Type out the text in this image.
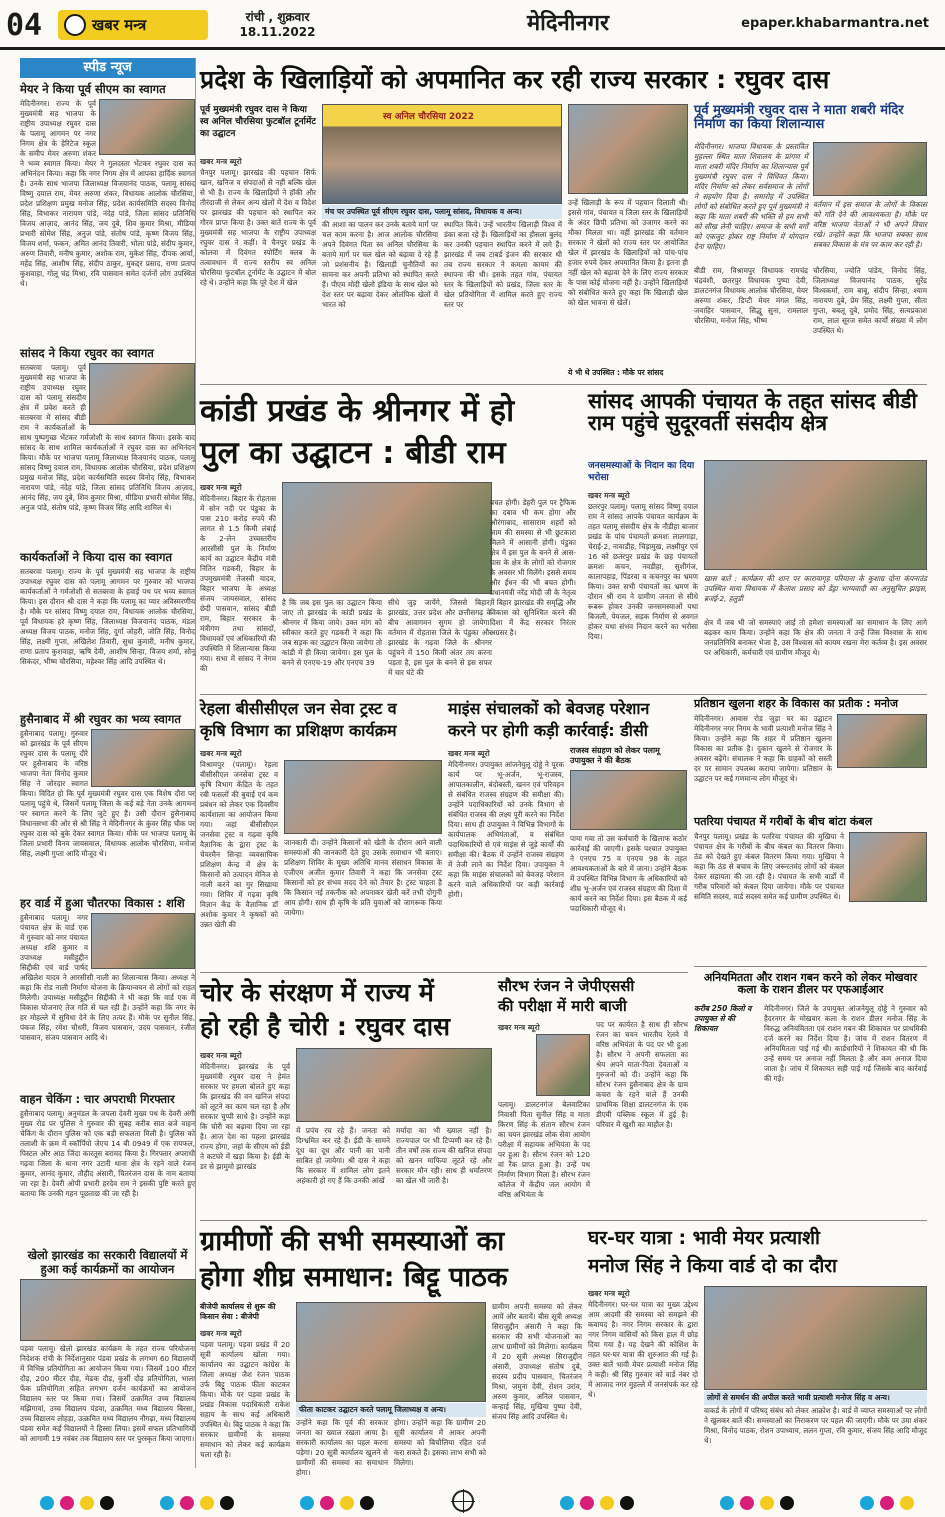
04	खबर मन्त्र	रांची , शुक्रवार
18.11.2022	मेदिनीनगर	epaper.khabarmantra.net
स्पीड न्यूज
मेयर ने किया पूर्व सीएम का स्वागत
मेदिनीनगर। राज्य के पूर्व मुख्यमंत्री सह भाजपा के राष्ट्रीय उपाध्यक्ष रघुवर दास के पलामू आगमन पर नगर निगम क्षेत्र के हेरिटेज स्कूल के समीप मेयर अरुणा शंकर ने भव्य स्वागत किया। मेयर ने गुलदस्ता भेंटकर रघुवर दास का अभिनंदन किया। कहा कि नगर निगम क्षेत्र में आपका हार्दिक स्वागत है। उनके साथ भाजपा जिलाध्यक्ष विजयानंद पाठक, पलामू सांसद विष्णु दयाल राम, मेयर अरुणा शंकर, विधायक आलोक चौरसिया, प्रदेश प्रशिक्षण प्रमुख मनोज सिंह, प्रदेश कार्यसमिति सदस्य विनोद सिंह, विभाकर नारायण पांडे, नंदेह पांडे, जिला सांसद प्रतिनिधि विजय आज़ाद, आनंद सिंह, जय दुबे, शिव कुमार मिश्रा, मीडिया प्रभारी सोमेश सिंह, अनुज पांडे, संतोष पांडे, कृष्ण विजय सिंह, विजय शर्मा, फकन, अमित आनंद तिवारी, भोला पांडे, संदीप कुमार, अरुण तिवारी, मनीष कुमार, अशोक राम, मुकेश सिंह, दीपक आर्या, महेंद्र सिंह, आशीष सिंह, संदीप ठाकुर, मुकद्दर प्रसाद, राणा प्रताप कुशवाहा, गोलू चंद्र मिश्रा, रवि पासवान समेत दर्जनों लोग उपस्थित थे।
सांसद ने किया रघुवर का स्वागत
सतबरवा पलामू। पूर्व मुख्यमंत्री सह भाजपा के राष्ट्रीय उपाध्यक्ष रघुवर दास को पलामू संसदीय क्षेत्र में प्रवेश करते ही सतबरवा में सांसद बीडी राम ने कार्यकर्ताओं के साथ पुष्पगुच्छ भेंटकर गर्मजोशी के साथ स्वागत किया। इसके बाद सांसद के साथ शामिल कार्यकर्ताओं ने रघुवर दास का अभिनंदन किया। मौके पर भाजपा पलामू जिलाध्यक्ष विजयानंद पाठक, पलामू सांसद विष्णु दयाल राम, विधायक आलोक चौरसिया, प्रदेश प्रशिक्षण प्रमुख मनोज सिंह, प्रदेश कार्यसमिति सदस्य विनोद सिंह, विभाकर नारायण पांडे, नंदेह पांडे, जिला सांसद प्रतिनिधि विजय आज़ाद, आनंद सिंह, जय दुबे, शिव कुमार मिश्रा, मीडिया प्रभारी सोमेश सिंह, अनुज पांडे, संतोष पांडे, कृष्ण विजय सिंह आदि शामिल थे।
कार्यकर्ताओं ने किया दास का स्वागत
सतबरवा पलामू। राज्य के पूर्व मुख्यमंत्री सह भाजपा के राष्ट्रीय उपाध्यक्ष रघुवर दास को पलामू आगमन पर गुरुवार को भाजपा कार्यकर्ताओं ने गर्मजोशी से सतबरवा के हवाई पथ पर भव्य स्वागत किया। इस दौरान श्री दास ने कहा कि पलामू का प्यार अविस्मरणीय है। मौके पर सांसद विष्णु दयाल राम, विधायक आलोक चौरसिया, पूर्व विधायक हरे कृष्ण सिंह, जिलाध्यक्ष विजयानंद पाठक, मंडल अध्यक्ष विजय पाठक, मनोज सिंह, दुर्गा जोहरी, जोति सिंह, विनोद सिंह, लक्ष्मी गुप्ता, अखिलेश तिवारी, सुधा कुमारी, मनीष कुमार, राणा प्रताप कुशवाहा, ऋषि देवी, आशीष सिन्हा, विजय शर्मा, सोनू सिकंदर, भीष्म चौरसिया, महेश्वर सिंह आदि उपस्थित थे।
हुसैनाबाद में श्री रघुवर का भव्य स्वागत
हुसैनाबाद पलामू। गुरुवार को झारखंड के पूर्व सीएम रघुवर दास के पलामू दौरे पर हुसैनाबाद के वरिष्ठ भाजपा नेता विनोद कुमार सिंह ने जोरदार स्वागत किया। विदित हो कि पूर्व मुख्यमंत्री रघुवर दास एक विशेष दौरा पर पलामू पहुंचे थे, जिसमें पलामू जिला के कई बड़े नेता उनके आगमन पर स्वागत करने के लिए जुटे हुए हैं। उसी दौरान हुसैनाबाद विधानसभा की ओर से श्री सिंह ने मेदिनीनगर के कुंवर सिंह चौक पर रघुवर दास को बुके देकर स्वागत किया। मौके पर भाजपा पलामू के जिला प्रभारी विनय जायसवाल, विधायक आलोक चौरसिया, मनोज सिंह, लक्ष्मी गुप्ता आदि मौजूद थे।
हर वार्ड में हुआ चौतरफा विकास : शशि
हुसैनाबाद पलामू। नगर पंचायत क्षेत्र के वार्ड एक में गुरुवार को नगर पंचायत अध्यक्ष शशि कुमार व उपाध्यक्ष मसीहुद्दीन सिद्दीकी एवं वार्ड पार्षद अखिलेश यादव ने आरसीसी नाली का शिलान्यास किया। अध्यक्ष ने कहा कि रोड नाली निर्माण योजना के क्रियान्वयन से लोगों को राहत मिलेगी। उपाध्यक्ष मसीहुद्दीन सिद्दीकी ने भी कहा कि वार्ड एक में विकास योजनाएं तेज गति से चल रही हैं। उन्होंने कहा कि नगर के हर मोहल्ले में सुविधा देने के लिए तत्पर हैं। मौके पर सुनील सिंह, पंकज सिंह, रमेश चौधरी, विजय पासवान, उदय पासवान, रंजीत पासवान, संजय पासवान आदि थे।
वाहन चेकिंग : चार अपराधी गिरफ्तार
हुसैनाबाद पलामू। अनुमंडल के जपला देवरी मुख्य पथ के देवरी अंगी मुख्य रोड पर पुलिस ने गुरुवार की सुबह करीब सात बजे वाहन चेकिंग के दौरान पुलिस को एक बड़ी सफलता मिली है। पुलिस को तलाशी के क्रम में स्कॉर्पियो जेएच 14 बी 0949 में एक रायफल, पिस्टल और आठ जिंदा कारतूस बरामद किया है। गिरफ्तार अपराधी गढ़वा जिला के थाना नगर उटारी थाना क्षेत्र के रहने वाले रंजन कुमार, आनंद कुमार, तौहीद अंसारी, चितरंजन दास के नाम बताया जा रहा है। देवरी ओपी प्रभारी हरदेव राम ने इसकी पुष्टि करते हुए बताया कि उनकी गहन पूछताछ की जा रही है।
खेलो झारखंड का सरकारी विद्यालयों में हुआ कई कार्यक्रमों का आयोजन
पड़वा पलामू। खेलो झारखंड कार्यक्रम के तहत राज्य परियोजना निदेशक रांची के निर्देशानुसार पंडवा प्रखंड के लगभग 60 विद्यालयों में विभिन्न प्रतियोगिता का आयोजन किया गया। जिसमें 100 मीटर दौड़, 200 मीटर दौड़, मेढक दौड़, कुर्सी दौड़ प्रतियोगिता, भाला फेंक प्रतियोगिता सहित लगभग दर्जन कार्यक्रमों का आयोजन विद्यालय स्तर पर किया गया। जिसमें उत्क्रमित उच्च विद्यालय मझिगावां, उच्च विद्यालय पंडवा, उत्क्रमित मध्य विद्यालय बिरसा, उच्च विद्यालय लोहड़ा, उत्क्रमित मध्य विद्यालय नौगढ़ा, मध्य विद्यालय पंडवा समेत कई विद्यालयों ने हिस्सा लिया। इसमें सफल प्रतिभागियों को आगामी 19 नवंबर तक विद्यालय स्तर पर पुरस्कृत किया जाएगा।
प्रदेश के खिलाड़ियों को अपमानित कर रही राज्य सरकार : रघुवर दास
पूर्व मुख्यमंत्री रघुवर दास ने किया स्व अनिल चौरसिया फुटबॉल टूर्नामेंट का उद्घाटन
खबर मन्त्र ब्यूरो
चैनपुर पलामू। झारखंड की पहचान सिर्फ खान, खनिज व संपदाओं से नहीं बल्कि खेल से भी है। राज्य के खिलाड़ियों ने हॉकी और तीरंदाजी से लेकर अन्य खेलों में देश व विदेश पर झारखंड की पहचान को स्थापित कर गौरव प्राप्त किया है। उक्त बातें राज्य के पूर्व मुख्यमंत्री सह भाजपा के राष्ट्रीय उपाध्यक्ष रघुवर दास ने कहीं। वे चैनपुर प्रखंड के कोलवा में दिवंगत स्पोर्टिंग क्लब के तत्वावधान में राज्य स्तरीय स्व अनिल चौरसिया फुटबॉल टूर्नामेंट के उद्घाटन में बोल रहे थे। उन्होंने कहा कि पूरे देश में खेल
स्व अनिल चौरसिया 2022
मंच पर उपस्थित पूर्व सीएम रघुवर दास, पलामू सांसद, विधायक व अन्य।
की आशा का पालन कर उनके बताये मार्ग पर चल काम करना है। आज आलोक चौरसिया अपने दिवंगत पिता स्व अनिल चौरसिया के बताये मार्ग पर चल खेल को बढ़ावा दे रहे हैं जो प्रशंसनीय है। खिलाड़ी चुनौतियों का सामना कर अपनी प्रतिभा को स्थापित करते हैं। पीएम मोदी खेलो इंडिया के साथ खेल को देश स्तर पर बढ़ावा देकर ओलंपिक खेलों में भारत को
स्थापित किये। उन्हें भारतीय खिलाड़ी विश्व में डंका बजा रहे हैं। खिलाड़ियों का हौसला बुलंद कर उनकी पहचान स्थापित करने में लगे हैं। झारखंड में जब टाबर्ड इंजन की सरकार थी तब राज्य सरकार ने कमला कायम की स्थापना की थी। इसके तहत गांव, पंचायत स्तर के खिलाड़ियों को प्रखंड, जिला स्तर के खेल प्रतियोगिता में शामिल करते हुए राज्य स्तर पर
उन्हें खिलाड़ी के रूप में पहचान दिलाती थी। इससे गांव, पंचायत व जिला स्तर के खिलाड़ियों के अंदर छिपी प्रतिभा को उजागर करने का मौका मिलता था। वहीं झारखंड की वर्तमान सरकार ने खेलों को राज्य स्तर पर आयोजित खेल में झारखंड के खिलाड़ियों को पांच-पांच हजार रुपये देकर अपमानित किया है। इतना ही नहीं खेल को बढ़ावा देने के लिए राज्य सरकार के पास कोई योजना नहीं है। उन्होंने खिलाड़ियों को संबोधित करते हुए कहा कि खिलाड़ी खेल को खेल भावना से खेलें।
ये भी थे उपस्थित : मौके पर सांसद
पूर्व मुख्यमंत्री रघुवर दास ने माता शबरी मंदिर निर्माण का किया शिलान्यास
मेदिनीनगर। भाजपा विधायक के प्रस्तावित मुहल्ला स्थित माता शिवालय के प्रांगण में माता शबरी मंदिर निर्माण का शिलान्यास पूर्व मुख्यमंत्री रघुवर दास ने विधिवत किया। मंदिर निर्माण को लेकर सर्वसमाज के लोगों ने सहयोग दिया है। समारोह में उपस्थित लोगों को संबोधित करते हुए पूर्व मुख्यमंत्री ने कहा कि माता शबरी की भक्ति से हम सभी को सीख लेनी चाहिए। समाज के सभी वर्गों को एकजुट होकर राष्ट्र निर्माण में योगदान देना चाहिए।
वर्तमान में इस समाज के लोगों के विकास को गति देने की आवश्यकता है। मौके पर वरिष्ठ भाजपा नेताओं ने भी अपने विचार रखे। उन्होंने कहा कि भाजपा सबका साथ सबका विकास के मंत्र पर काम कर रही है।
बीडी राम, विश्रामपुर विधायक रामचंद्र चंद्रवंशी, छतरपुर विधायक पुष्पा देवी, डालटनगंज विधायक आलोक चौरसिया, मेयर अरुणा शंकर, डिप्टी मेयर मंगल सिंह, जवाहिर पासवान, सिद्धू सुना, रामलाल चौरसिया, मनोज सिंह, भीष्म
चौरसिया, ज्योति पांडेय, विनोद सिंह, जिलाध्यक्ष विजयानंद पाठक, सुरेंद्र विश्वकर्मा, राम बाबू, संदीप सिन्हा, श्याम नारायण दुबे, प्रेम सिंह, लक्ष्मी गुप्ता, सीता गुप्ता, बबलू दुबे, प्रमोद सिंह, सत्यप्रकाश राम, लाल सूरज समेत कार्यों संख्या में लोग उपस्थित थे।
कांडी प्रखंड के श्रीनगर में हो
पुल का उद्घाटन : बीडी राम
खबर मन्त्र ब्यूरो
मेदिनीनगर। बिहार के रोहतास में सोन नदी पर पंडुका के पास 210 करोड़ रुपये की लागत से 1.5 किमी लंबाई के 2-लेन उच्चस्तरीय आरसीसी पुल के निर्माण कार्य का उद्घाटन केंद्रीय मंत्री नितिन गडकरी, बिहार के उपमुख्यमंत्री तेजस्वी यादव, बिहार भाजपा के अध्यक्ष संजय जायसवाल, सांसद छेदी पासवान, सांसद बीडी राम, बिहार सरकार के मंत्रीगण तथा सांसदों, विधायकों एवं अधिकारियों की उपस्थिति में शिलान्यास किया गया। सभा में सांसद ने नेगम की
है कि जब इस पुल का उद्घाटन किया जाए तो झारखंड के कांडी प्रखंड के श्रीनगर में किया जाये। उक्त मांग को स्वीकार करते हुए गडकरी ने कहा कि जब सड़क का उद्घाटन किया जायेगा तो कांडी में ही किया जायेगा। इस पुल के बनने से एनएच-19 और एनएच 39
सीधे जुड़ जायेंगे, जिससे बिहार, झारखंड, उत्तर प्रदेश और छत्तीसगढ़ के बीच आवागमन सुगम हो जायेगा। वर्तमान में रोहतास जिले के पंडुका और झारखंड के गढ़वा जिले के श्रीनगर पहुंचने में 150 किमी अंतर तय करना पड़ता है, इस पुल के बनने से इस सफर में चार घंटे की
बचत होगी। डेहरी पुल पर ट्रैफिक का दबाव भी कम होगा और औरंगाबाद, सासाराम शहरों को जाम की समस्या से भी छुटकारा मिलने में आसानी होगी। पंडुका क्षेत्र में इस पुल के बनने से आस-पास के क्षेत्र के लोगों को रोजगार के अवसर भी मिलेंगे। इससे समय और ईंधन की भी बचत होगी। प्रधानमंत्री नरेंद्र मोदी जी के नेतृत्व में बिहार झारखंड की समृद्धि और विकास को सुनिश्चित करने की दिशा में केंद्र सरकार निरंतर अग्रसर है।
सांसद आपकी पंचायत के तहत सांसद बीडी राम पहुंचे सुदूरवर्ती संसदीय क्षेत्र
जनसमस्याओं के निदान का दिया भरोसा
खबर मन्त्र ब्यूरो
छतरपुर पलामू। पलामू सांसद विष्णु दयाल राम ने सांसद आपके पंचायत कार्यक्रम के तहत पलामू संसदीय क्षेत्र के नौडीहा बाजार प्रखंड के पांच पंचायतों क्रमशः लालगाड़ा, चेराई-2, नावाडीह, चिड़ामुख, लक्ष्मीपुर एवं 16 को छतरपुर प्रखंड के छह पंचायतों क्रमशः कचन, नवडीहा, सुशीगंज, कालापहाड़, पिंडरवा व कचनपुर का भ्रमण किया। उक्त सभी पंचायतों का भ्रमण के दौरान श्री राम ने ग्रामीण जनता से सीधे रूबरू होकर उनकी जनसमस्याओं यथा बिजली, पेयजल, सड़क निर्माण से अवगत होकर यथा संभव निदान करने का भरोसा दिया।
खास बातें : कार्यक्रम की शान पर कारायागृह परियाना के कुशाग्र दोना कंपनाउंड उपस्थित माया विधायक में कैलाश प्रसाद को डेंड्रा भाग्यवादी का अनुसूचित झाइस, ब्रजई-2, हलुडी
क्षेत्र में जब भी जो समस्याएं आई तो हमेशा समस्याओं का समाधान के लिए आगे बढ़कर काम किया। उन्होंने कहा कि क्षेत्र की जनता ने उन्हें जिस विश्वास के साथ जनप्रतिनिधि बनाकर भेजा है, उस विश्वास को कायम रखना मेरा कर्तव्य है। इस अवसर पर अधिकारी, कर्मचारी एवं ग्रामीण मौजूद थे।
रेहला बीसीसीएल जन सेवा ट्रस्ट व
कृषि विभाग का प्रशिक्षण कार्यक्रम
खबर मन्त्र ब्यूरो
विश्रामपुर (पलामू)। रेहला बीसीसीएल जनसेवा ट्रस्ट व कृषि विभाग केंद्रित के तहत रबी फसलों की बुवाई एवं कम प्रबंधन को लेकर एक दिवसीय कार्यशाला का आयोजन किया गया। जहां बीसीसीएल जनसेवा ट्रस्ट व गढ़वा कृषि वैज्ञानिक के द्वारा ट्रस्ट के चेयरमैन सिन्हा व्यवसायिक प्रशिक्षण केन्द्र में क्षेत्र के किसानों को उत्पादन मेनिज से नाली करने का गुर सिखाया गया। शिविर में गढ़वा कृषि विज्ञान केंद्र के वैज्ञानिक डॉ अशोक कुमार ने कृषकों को उन्नत खेती की
जानकारी दी। उन्होंने किसानों को खेती के दौरान आने वाली समस्याओं की जानकारी देते हुए उसके समाधान भी बताए। प्रशिक्षण शिविर के मुख्य अतिथि मानव संसाधन विकास के एजीएम अजीत कुमार तिवारी ने कहा कि जनसेवा ट्रस्ट किसानों को हर संभव मदद देने को तैयार है। ट्रस्ट चाहता है कि किसान नई तकनीक को अपनाकर खेती करें तभी दोगुनी आय होगी। साथ ही कृषि के प्रति युवाओं को जागरूक किया जायेगा।
माइंस संचालकों को बेवजह परेशान
करने पर होगी कड़ी कार्रवाई: डीसी
खबर मन्त्र ब्यूरो
मेदिनीनगर। उपायुक्त आंजनेयुलू दोड्डे ने पूरक कार्य पर भू-अर्जन, भू-राजस्व, आपातकालीन, बंदोबस्ती, खनन एवं परिवहन से संबंधित राजस्व संग्रहण की समीक्षा की। उन्होंने पदाधिकारियों को उनके विभाग से संबंधित राजस्व की लक्ष्य पूरी करने का निर्देश दिया। साथ ही उपायुक्त ने विभिन्न विभागों के कार्यपालक अभियंताओं, व संबंधित पदाधिकारियों से एवं माइंस से जुड़े कार्यों की समीक्षा की। बैठक में उन्होंने राजस्व संग्रहण में तेजी लाने का निर्देश दिया। उपायुक्त ने कहा कि माइंस संचालकों को बेवजह परेशान करने वाले अधिकारियों पर कड़ी कार्रवाई होगी।
राजस्व संग्रहण को लेकर पलामू उपायुक्त ने की बैठक
पाया गया तो उस कर्मचारी के खिलाफ कठोर कार्रवाई की जाएगी। इसके पश्चात उपायुक्त ने एनएच 75 व एनएच 98 के तहत आवश्यकताओं के बारे में जाना। उन्होंने बैठक में उपस्थित विभिन्न विभाग के अधिकारियों को शीघ्र भू-अर्जन एवं राजस्व संग्रहण की दिशा में कार्य करने का निर्देश दिया। इस बैठक में कई पदाधिकारी मौजूद थे।
प्रतिष्ठान खुलना शहर के विकास का प्रतीक : मनोज
मेदिनीनगर। आवास रोड जुड़ा घर का उद्घाटन मेदिनीनगर नगर निगम के भावी प्रत्याशी मनोज सिंह ने किया। उन्होंने कहा कि शहर में प्रतिष्ठान खुलना विकास का प्रतीक है। दुकान खुलने से रोजगार के अवसर बढ़ेंगे। संचालक ने कहा कि ग्राहकों को सस्ती दर पर सामान उपलब्ध कराया जायेगा। प्रतिष्ठान के उद्घाटन पर कई गणमान्य लोग मौजूद थे।
पतरिया पंचायत में गरीबों के बीच बांटा कंबल
चैनपुर पलामू। प्रखंड के पतरिया पंचायत की मुखिया ने पंचायत क्षेत्र के गरीबों के बीच कंबल का वितरण किया। ठंड को देखते हुए कंबल वितरण किया गया। मुखिया ने कहा कि ठंड से बचाव के लिए जरूरतमंद लोगों को कंबल देकर सहायता की जा रही है। पंचायत के सभी वार्डों में गरीब परिवारों को कंबल दिया जायेगा। मौके पर पंचायत समिति सदस्य, वार्ड सदस्य समेत कई ग्रामीण उपस्थित थे।
अनियमितता और राशन गबन करने को लेकर मोखवार कला के राशन डीलर पर एफआईआर
करीब 250 किलो व उपायुक्त से की शिकायत
मेदिनीनगर। जिले के उपायुक्त आंजनेयुलू दोड्डे ने गुरुवार को हैदरनगर के मोखवार कला के राशन डीलर मनोज सिंह के विरुद्ध अनियमितता एवं राशन गबन की शिकायत पर प्राथमिकी दर्ज करने का निर्देश दिया है। जांच में राशन वितरण में अनियमितता पाई गई थी। कार्डधारियों ने शिकायत की थी कि उन्हें समय पर अनाज नहीं मिलता है और कम अनाज दिया जाता है। जांच में शिकायत सही पाई गई जिसके बाद कार्रवाई की गई।
चोर के संरक्षण में राज्य में
हो रही है चोरी : रघुवर दास
खबर मन्त्र ब्यूरो
मेदिनीनगर। झारखंड के पूर्व मुख्यमंत्री रघुवर दास ने हेमंत सरकार पर हमला बोलते हुए कहा कि झारखंड की वन खनिज संपदा को लूटने का काम चल रहा है और सरकार चुप्पी साधे है। उन्होंने कहा कि चोरी का बढ़ावा दिया जा रहा है। आज देश का पहला झारखंड राज्य होगा, जहां के सीएम को ईडी ने कटघरे में खड़ा किया है। ईडी के डर से झामुमो झारखंड
में प्रपंच रच रहे हैं। जनता को दिग्भ्रमित कर रहे हैं। ईडी के सामने दूध का दूध और पानी का पानी साबित हो जायेगा। श्री दास ने कहा कि सरकार में शामिल लोग इतने अहंकारी हो गए हैं कि उनकी आंखें
मर्यादा का भी ख्याल नहीं है। राज्यपाल पर भी टिप्पणी कर रहे हैं। तीन वर्षों तक राज्य की खनिज संपदा को खनन माफिया लूटते रहे और सरकार मौन रही। साथ ही धर्मांतरण का खेल भी जारी है।
सौरभ रंजन ने जेपीएससी
की परीक्षा में मारी बाजी
खबर मन्त्र ब्यूरो
पलामू। डालटनगंज बेलवाटिका निवासी पिता सुनील सिंह व माता किरण सिंह के संतान सौरभ रंजन का चयन झारखंड लोक सेवा आयोग परीक्षा में सहायक अभियंता के पद पर हुआ है। सौरभ रंजन को 120 वां रैंक प्राप्त हुआ है। उन्हें पथ निर्माण विभाग मिला है। सौरभ रंजन कॉलेज में केंद्रीय जल आयोग में वरिष्ठ अभियंता के
पद पर कार्यरत है साथ ही सौरभ रंजन का चयन भारतीय रेलवे में वरिष्ठ अभियंता के पद पर भी हुआ है। सौरभ ने अपनी सफलता का श्रेय अपने माता-पिता देवताओं व गुरुजनों को दी। उन्होंने कहा कि सौरभ रंजन हुसैनाबाद क्षेत्र के ग्राम कचरा के रहने वाले हैं उनकी प्राथमिक शिक्षा डालटनगंज के एक डीएवी पब्लिक स्कूल में हुई है। परिवार में खुशी का माहौल है।
ग्रामीणों की सभी समस्याओं का
होगा शीघ्र समाधान: बिट्टू पाठक
बीजेपी कार्यालय से शुरू की किसान सेवा : बीजेपी
खबर मन्त्र ब्यूरो
पड़वा पलामू। पड़वा प्रखंड में 20 सूत्री कार्यालय खोला गया। कार्यालय का उद्घाटन कांग्रेस के जिला अध्यक्ष जैश रंजन पाठक उर्फ बिट्टू पाठक फीता काटकर किया। मौके पर पड़वा प्रखंड के प्रखंड विकास पदाधिकारी राकेश सहाय के साथ कई अधिकारी उपस्थित थे। बिट्टू पाठक ने कहा कि सरकार ग्रामीणों के समस्या समाधान को लेकर कई कार्यक्रम चला रही है।
फीता काटकर उद्घाटन करते पलामू जिलाध्यक्ष व अन्य।
उन्होंने कहा कि पूर्व की सरकार जनता का ख्याल रखता आया है। सरकारी कार्यालय का पहल करना पड़ेगा। 20 सूत्री कार्यालय खुलने से ग्रामीणों की समस्या का समाधान होगा।
होगा। उन्होंने कहा कि ग्रामीण 20 सूत्री कार्यालय में आकर अपनी समस्या को बिचौलिया रहित दर्ज करा सकते हैं। इसका लाभ सभी को मिलेगा।
ग्रामीण अपनी समस्या को लेकर आयें और बतायें। बीस सूत्री अध्यक्ष सिराजुद्दीन अंसारी ने कहा कि सरकार की सभी योजनाओं का लाभ ग्रामीणों को मिलेगा। कार्यक्रम में 20 सूत्री अध्यक्ष सिराजुद्दीन अंसारी, उपाध्यक्ष संतोष दुबे, सदस्य प्रदीप पासवान, चितरंजन मिश्रा, जमुना देवी, रोशन उरांव, अरुण कुमार, अनिल पासवान, कन्हाई सिंह, मुखिया पुष्पा देवी, संजय सिंह आदि उपस्थित थे।
घर-घर यात्रा : भावी मेयर प्रत्याशी
मनोज सिंह ने किया वार्ड दो का दौरा
खबर मन्त्र ब्यूरो
मेदिनीनगर। घर-घर यात्रा का मुख्य उद्देश्य आम आदमी की समस्या को समझने की कवायद है। नगर निगम सरकार के द्वारा नगर निगम वासियों को किस हाल में छोड़ दिया गया है। यह देखने की कोशिश के तहत घर-घर यात्रा की शुरुआत की गई है। उक्त बातें भावी मेयर प्रत्याशी मनोज सिंह ने कही। श्री सिंह गुरुवार को वार्ड नंबर दो में आजाद नगर मुहल्ले में जनसंपर्क कर रहे थे।	लोगों से समर्थन की अपील करते भावी प्रत्याशी मनोज सिंह व अन्य।
वाकर्ड के लोगों में परिषद् संबंध को लेकर आक्रोश है। वार्ड में व्याप्त समस्याओं पर लोगों ने खुलकर बातें की। समस्याओं का निराकरण पर पहल की जाएगी। मौके पर उमा शंकर मिश्रा, विनोद पाठक, रोशन उपाध्याय, ललन गुप्ता, रवि कुमार, संजय सिंह आदि मौजूद थे।
